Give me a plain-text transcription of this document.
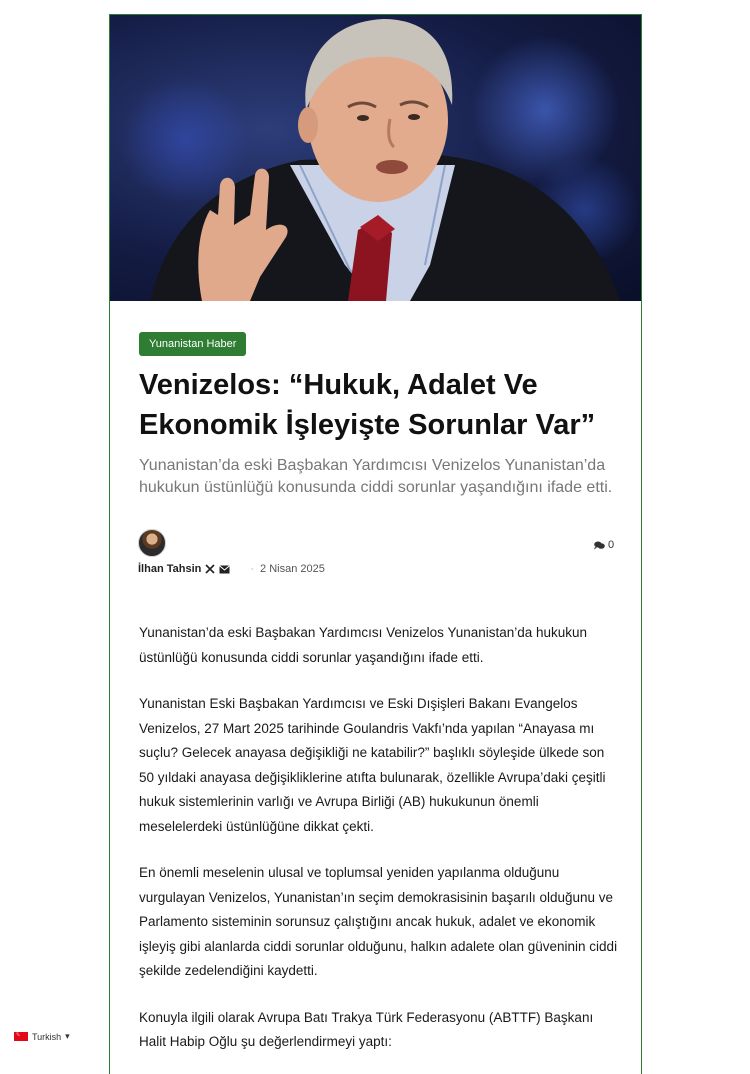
Yunanistan Haber
Venizelos: “Hukuk, Adalet Ve Ekonomik İşleyişte Sorunlar Var”

Yunanistan’da eski Başbakan Yardımcısı Venizelos Yunanistan’da hukukun üstünlüğü konusunda ciddi sorunlar yaşandığını ifade etti.

0
İlhan Tahsin	· 2 Nisan 2025

Yunanistan’da eski Başbakan Yardımcısı Venizelos Yunanistan’da hukukun üstünlüğü konusunda ciddi sorunlar yaşandığını ifade etti.

Yunanistan Eski Başbakan Yardımcısı ve Eski Dışişleri Bakanı Evangelos Venizelos, 27 Mart 2025 tarihinde Goulandris Vakfı’nda yapılan “Anayasa mı suçlu? Gelecek anayasa değişikliği ne katabilir?” başlıklı söyleşide ülkede son 50 yıldaki anayasa değişikliklerine atıfta bulunarak, özellikle Avrupa’daki çeşitli hukuk sistemlerinin varlığı ve Avrupa Birliği (AB) hukukunun önemli meselelerdeki üstünlüğüne dikkat çekti.

En önemli meselenin ulusal ve toplumsal yeniden yapılanma olduğunu vurgulayan Venizelos, Yunanistan’ın seçim demokrasisinin başarılı olduğunu ve Parlamento sisteminin sorunsuz çalıştığını ancak hukuk, adalet ve ekonomik işleyiş gibi alanlarda ciddi sorunlar olduğunu, halkın adalete olan güveninin ciddi şekilde zedelendiğini kaydetti.

Konuyla ilgili olarak Avrupa Batı Trakya Türk Federasyonu (ABTTF) Başkanı Halit Habip Oğlu şu değerlendirmeyi yaptı:

☾
Turkish ▾
